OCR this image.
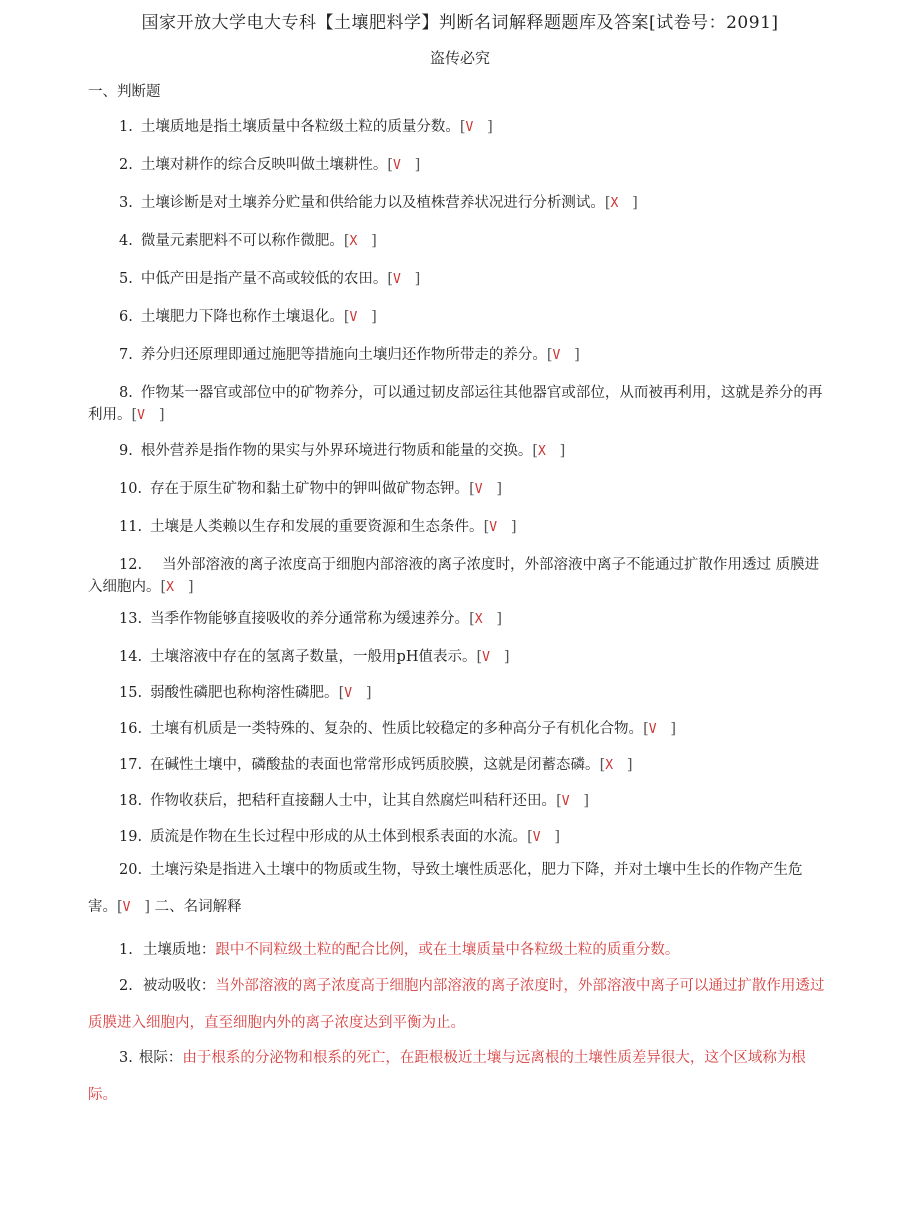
国家开放大学电大专科【土壤肥料学】判断名词解释题题库及答案[试卷号：2091]
盗传必究
一、判断题
1. 土壤质地是指土壤质量中各粒级土粒的质量分数。[V   ]
2. 土壤对耕作的综合反映叫做土壤耕性。[V   ]
3. 土壤诊断是对土壤养分贮量和供给能力以及植株营养状况进行分析测试。[X   ]
4. 微量元素肥料不可以称作微肥。[X   ]
5. 中低产田是指产量不高或较低的农田。[V   ]
6. 土壤肥力下降也称作土壤退化。[V   ]
7. 养分归还原理即通过施肥等措施向土壤归还作物所带走的养分。[V   ]
8. 作物某一器官或部位中的矿物养分，可以通过韧皮部运往其他器官或部位，从而被再利用，这就是养分的再利用。[V   ]
9. 根外营养是指作物的果实与外界环境进行物质和能量的交换。[X   ]
10. 存在于原生矿物和黏土矿物中的钾叫做矿物态钾。[V   ]
11. 土壤是人类赖以生存和发展的重要资源和生态条件。[V   ]
12. 当外部溶液的离子浓度高于细胞内部溶液的离子浓度时，外部溶液中离子不能通过扩散作用透过 质膜进入细胞内。[X   ]
13. 当季作物能够直接吸收的养分通常称为缓速养分。[X   ]
14. 土壤溶液中存在的氢离子数量，一般用pH值表示。[V   ]
15. 弱酸性磷肥也称枸溶性磷肥。[V   ]
16. 土壤有机质是一类特殊的、复杂的、性质比较稳定的多种高分子有机化合物。[V   ]
17. 在碱性土壤中，磷酸盐的表面也常常形成钙质胶膜，这就是闭蓄态磷。[X   ]
18. 作物收获后，把秸秆直接翻人士中，让其自然腐烂叫秸秆还田。[V   ]
19. 质流是作物在生长过程中形成的从土体到根系表面的水流。[V   ]
20. 土壤污染是指进入土壤中的物质或生物，导致土壤性质恶化，肥力下降，并对土壤中生长的作物产生危害。[V   ] 二、名词解释
1. 土壤质地：跟中不同粒级土粒的配合比例，或在土壤质量中各粒级土粒的质重分数。
2. 被动吸收：当外部溶液的离子浓度高于细胞内部溶液的离子浓度时，外部溶液中离子可以通过扩散作用透过质膜进入细胞内，直至细胞内外的离子浓度达到平衡为止。
3. 根际：由于根系的分泌物和根系的死亡，在距根极近土壤与远离根的土壤性质差异很大，这个区域称为根际。
